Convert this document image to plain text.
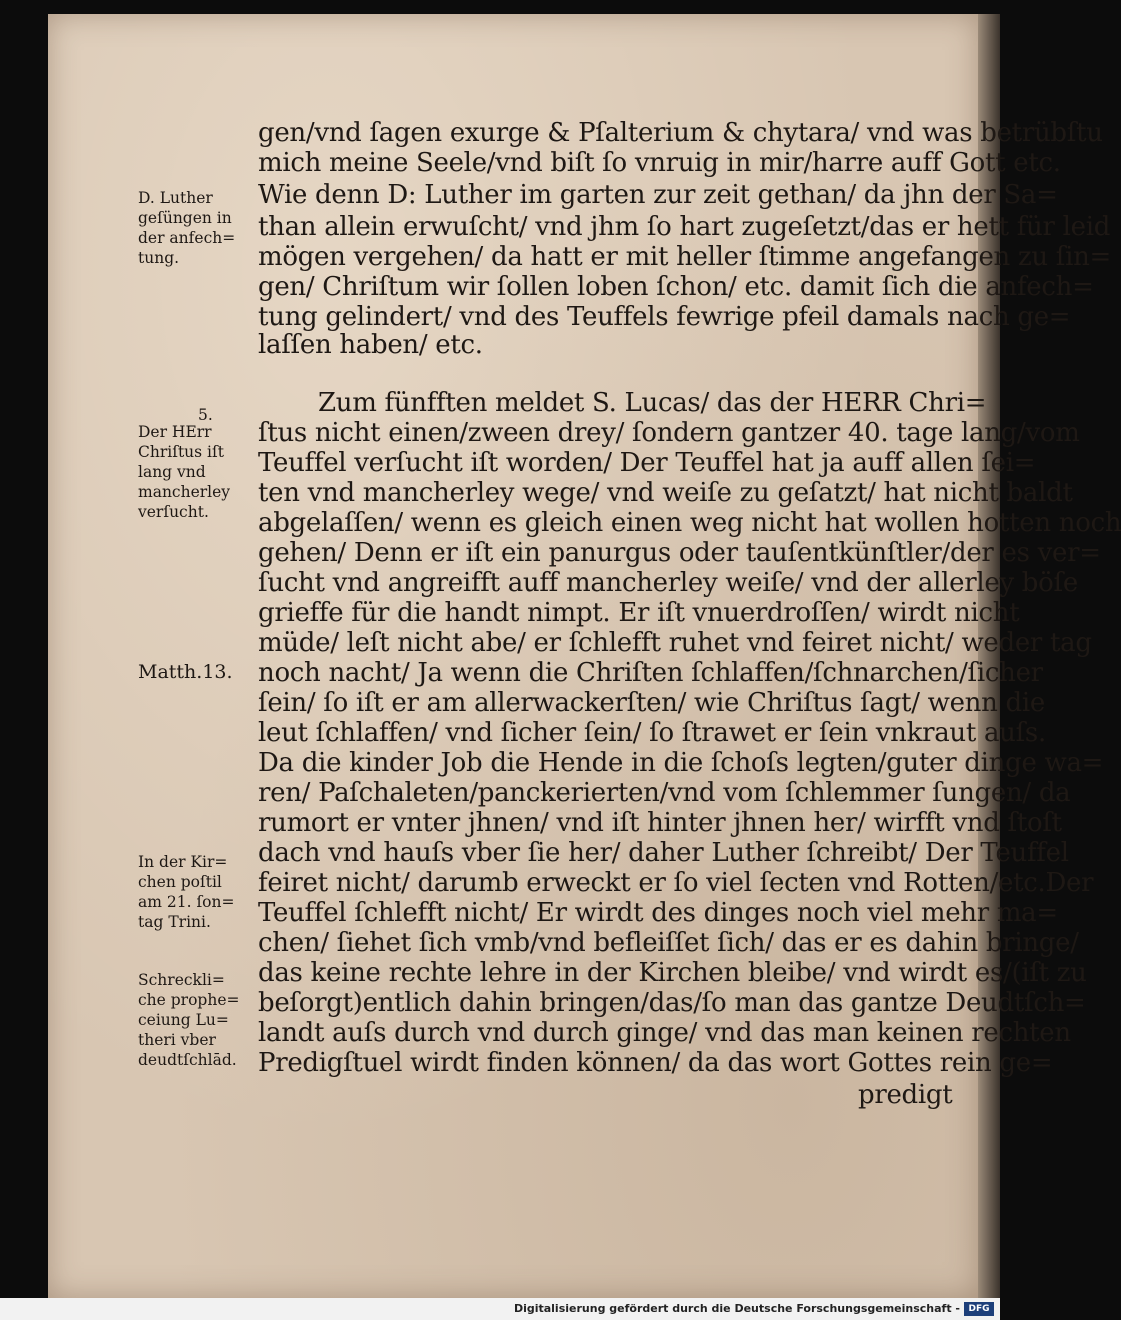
gen/vnd ſagen exurge & Pſalterium & chytara/ vnd was betrübſtu

mich meine Seele/vnd biſt ſo vnruig in mir/harre auff Gott etc.

Wie denn D: Luther im garten zur zeit gethan/ da jhn der Sa=

than allein erwuſcht/ vnd jhm ſo hart zugeſetzt/das er hett für leid

mögen vergehen/ da hatt er mit heller ſtimme angefangen zu ſin=

gen/ Chriſtum wir ſollen loben ſchon/ etc. damit ſich die anfech=

tung gelindert/ vnd des Teuffels fewrige pfeil damals nach ge=

laſſen haben/ etc.

Zum fünfften meldet S. Lucas/ das der HERR Chri=

ſtus nicht einen/zween drey/ ſondern gantzer 40. tage lang/vom

Teuffel verſucht iſt worden/ Der Teuffel hat ja auff allen ſei=

ten vnd mancherley wege/ vnd weiſe zu geſatzt/ hat nicht baldt

abgelaſſen/ wenn es gleich einen weg nicht hat wollen hotten noch

gehen/ Denn er iſt ein panurgus oder tauſentkünſtler/der es ver=

ſucht vnd angreifft auff mancherley weiſe/ vnd der allerley böſe

grieffe für die handt nimpt. Er iſt vnuerdroſſen/ wirdt nicht

müde/ leſt nicht abe/ er ſchlefft ruhet vnd feiret nicht/ weder tag

noch nacht/ Ja wenn die Chriſten ſchlaffen/ſchnarchen/ſicher

ſein/ ſo iſt er am allerwackerſten/ wie Chriſtus ſagt/ wenn die

leut ſchlaffen/ vnd ſicher ſein/ ſo ſtrawet er ſein vnkraut auſs.

Da die kinder Job die Hende in die ſchoſs legten/guter dinge wa=

ren/ Paſchaleten/panckerierten/vnd vom ſchlemmer ſungen/ da

rumort er vnter jhnen/ vnd iſt hinter jhnen her/ wirfft vnd ſtoſt

dach vnd hauſs vber ſie her/ daher Luther ſchreibt/ Der Teuffel

feiret nicht/ darumb erweckt er ſo viel ſecten vnd Rotten/etc.Der

Teuffel ſchlefft nicht/ Er wirdt des dinges noch viel mehr ma=

chen/ ſiehet ſich vmb/vnd befleiſſet ſich/ das er es dahin bringe/

das keine rechte lehre in der Kirchen bleibe/ vnd wirdt es/(iſt zu

beſorgt)entlich dahin bringen/das/ſo man das gantze Deudtſch=

landt auſs durch vnd durch ginge/ vnd das man keinen rechten

Predigſtuel wirdt finden können/ da das wort Gottes rein ge=

predigt

D. Luther
geſüngen in
der anfech=
tung.
5.
Der HErr
Chriſtus iſt
lang vnd
mancherley
verſucht.
Matth.13.
In der Kir=
chen poſtil
am 21. ſon=
tag Trini.
Schreckli=
che prophe=
ceiung Lu=
theri vber
deudtſchlād.
Digitalisierung gefördert durch die Deutsche Forschungsgemeinschaft - DFG
